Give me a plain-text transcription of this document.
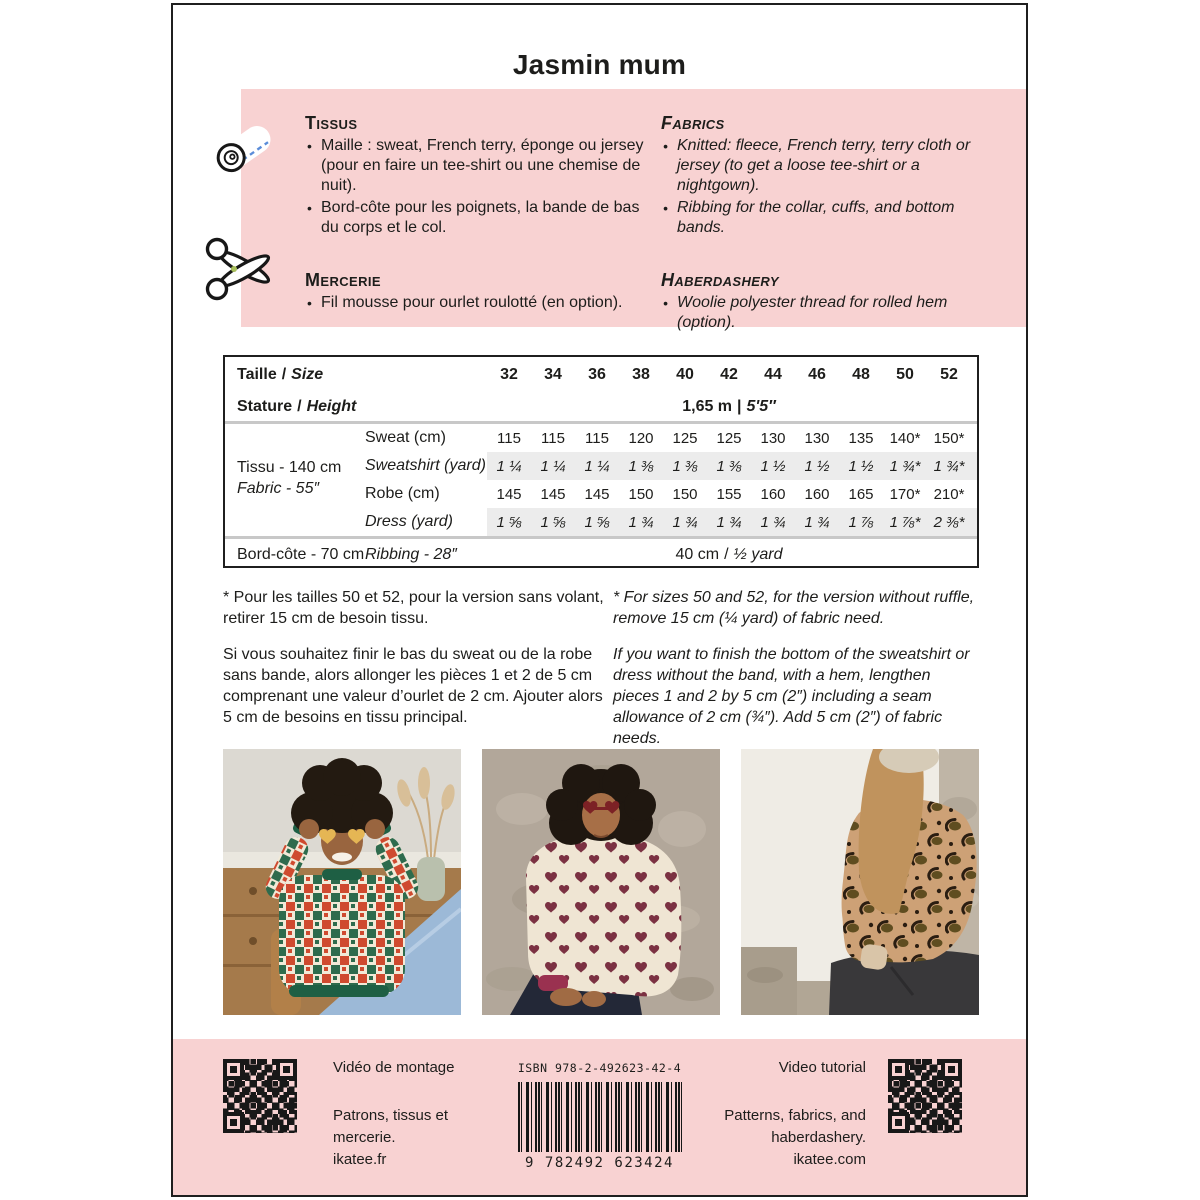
Jasmin mum
Tissus
• Maille : sweat, French terry, éponge ou jersey (pour en faire un tee-shirt ou une chemise de nuit).
• Bord-côte pour les poignets, la bande de bas du corps et le col.
Fabrics
• Knitted: fleece, French terry, terry cloth or jersey (to get a loose tee-shirt or a nightgown).
• Ribbing for the collar, cuffs, and bottom bands.
Mercerie
• Fil mousse pour ourlet roulotté (en option).
Haberdashery
• Woolie polyester thread for rolled hem (option).
Taille / Size	32	34	36	38	40	42	44	46	48	50	52
Stature / Height	1,65 m | 5'5″
Tissu - 140 cm
Fabric - 55″
Sweat (cm)	115	115	115	120	125	125	130	130	135	140* 150*
Sweatshirt (yard) 1 ¼	1 ¼	1 ¼	1 ⅜	1 ⅜	1 ⅜	1 ½	1 ½	1 ½	1 ¾* 1 ¾*
Robe (cm)	145	145	145	150	150	155	160	160	165	170* 210*
Dress (yard)	1 ⅝	1 ⅝	1 ⅝	1 ¾	1 ¾	1 ¾	1 ¾	1 ¾	1 ⅞	1 ⅞* 2 ⅜*
Bord-côte - 70 cm Ribbing - 28″	40 cm / ½ yard

* Pour les tailles 50 et 52, pour la version sans volant, retirer 15 cm de besoin tissu.

Si vous souhaitez finir le bas du sweat ou de la robe sans bande, alors allonger les pièces 1 et 2 de 5 cm comprenant une valeur d’ourlet de 2 cm. Ajouter alors 5 cm de besoins en tissu principal.

* For sizes 50 and 52, for the version without ruffle, remove 15 cm (¼ yard) of fabric need.

If you want to finish the bottom of the sweatshirt or dress without the band, with a hem, lengthen pieces 1 and 2 by 5 cm (2″) including a seam allowance of 2 cm (¾″). Add 5 cm (2″) of fabric needs.

Vidéo de montage
Patrons, tissus et mercerie.
ikatee.fr
ISBN 978-2-492623-42-4
9 782492 623424
Video tutorial
Patterns, fabrics, and haberdashery.
ikatee.com
